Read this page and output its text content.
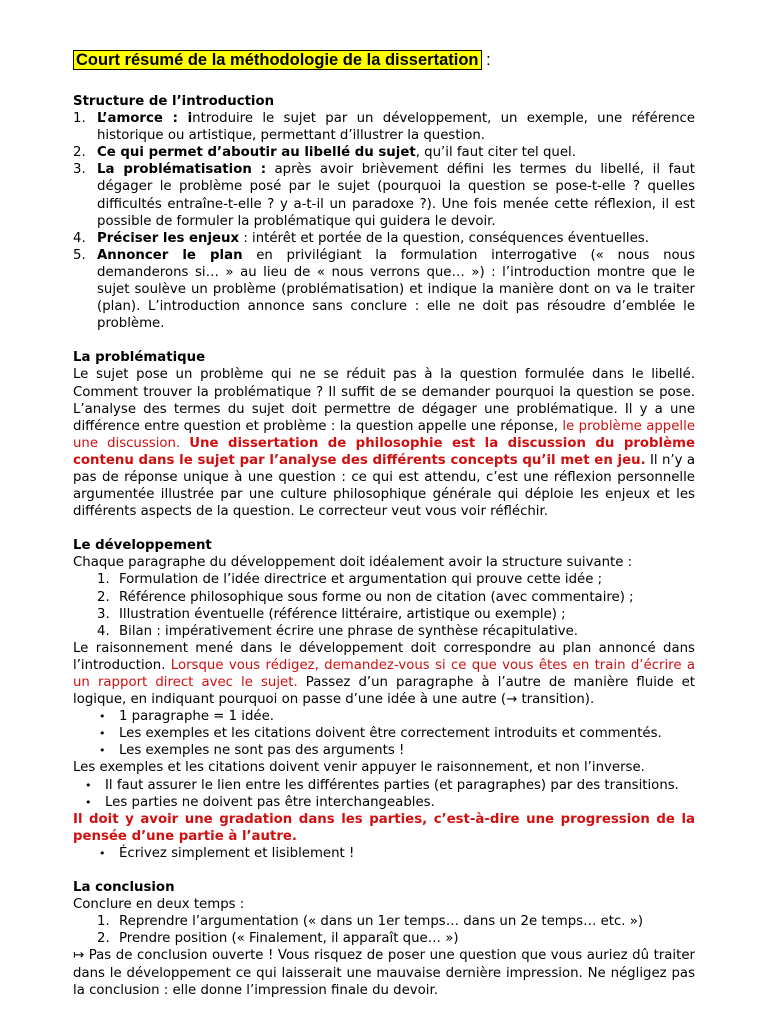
Court résumé de la méthodologie de la dissertation :
Structure de l’introduction
1. L’amorce : introduire le sujet par un développement, un exemple, une référence historique ou artistique, permettant d’illustrer la question.
2. Ce qui permet d’aboutir au libellé du sujet, qu’il faut citer tel quel.
3. La problématisation : après avoir brièvement défini les termes du libellé, il faut dégager le problème posé par le sujet (pourquoi la question se pose-t-elle ? quelles difficultés entraîne-t-elle ? y a-t-il un paradoxe ?). Une fois menée cette réflexion, il est possible de formuler la problématique qui guidera le devoir.
4. Préciser les enjeux : intérêt et portée de la question, conséquences éventuelles.
5. Annoncer le plan en privilégiant la formulation interrogative (« nous nous demanderons si… » au lieu de « nous verrons que… ») : l’introduction montre que le sujet soulève un problème (problématisation) et indique la manière dont on va le traiter (plan). L’introduction annonce sans conclure : elle ne doit pas résoudre d’emblée le problème.
La problématique

Le sujet pose un problème qui ne se réduit pas à la question formulée dans le libellé. Comment trouver la problématique ? Il suffit de se demander pourquoi la question se pose. L’analyse des termes du sujet doit permettre de dégager une problématique. Il y a une différence entre question et problème : la question appelle une réponse, le problème appelle une discussion. Une dissertation de philosophie est la discussion du problème contenu dans le sujet par l’analyse des différents concepts qu’il met en jeu. Il n’y a pas de réponse unique à une question : ce qui est attendu, c’est une réflexion personnelle argumentée illustrée par une culture philosophique générale qui déploie les enjeux et les différents aspects de la question. Le correcteur veut vous voir réfléchir.

Le développement

Chaque paragraphe du développement doit idéalement avoir la structure suivante :

1. Formulation de l’idée directrice et argumentation qui prouve cette idée ;
2. Référence philosophique sous forme ou non de citation (avec commentaire) ;
3. Illustration éventuelle (référence littéraire, artistique ou exemple) ;
4. Bilan : impérativement écrire une phrase de synthèse récapitulative.

Le raisonnement mené dans le développement doit correspondre au plan annoncé dans l’introduction. Lorsque vous rédigez, demandez-vous si ce que vous êtes en train d’écrire a un rapport direct avec le sujet. Passez d’un paragraphe à l’autre de manière fluide et logique, en indiquant pourquoi on passe d’une idée à une autre (→ transition).

• 1 paragraphe = 1 idée.
• Les exemples et les citations doivent être correctement introduits et commentés.
• Les exemples ne sont pas des arguments !

Les exemples et les citations doivent venir appuyer le raisonnement, et non l’inverse.

• Il faut assurer le lien entre les différentes parties (et paragraphes) par des transitions.
• Les parties ne doivent pas être interchangeables.

Il doit y avoir une gradation dans les parties, c’est-à-dire une progression de la pensée d’une partie à l’autre.

• Écrivez simplement et lisiblement !
La conclusion

Conclure en deux temps :

1. Reprendre l’argumentation (« dans un 1er temps… dans un 2e temps… etc. »)
2. Prendre position (« Finalement, il apparaît que… »)

↦ Pas de conclusion ouverte ! Vous risquez de poser une question que vous auriez dû traiter dans le développement ce qui laisserait une mauvaise dernière impression. Ne négligez pas la conclusion : elle donne l’impression finale du devoir.
